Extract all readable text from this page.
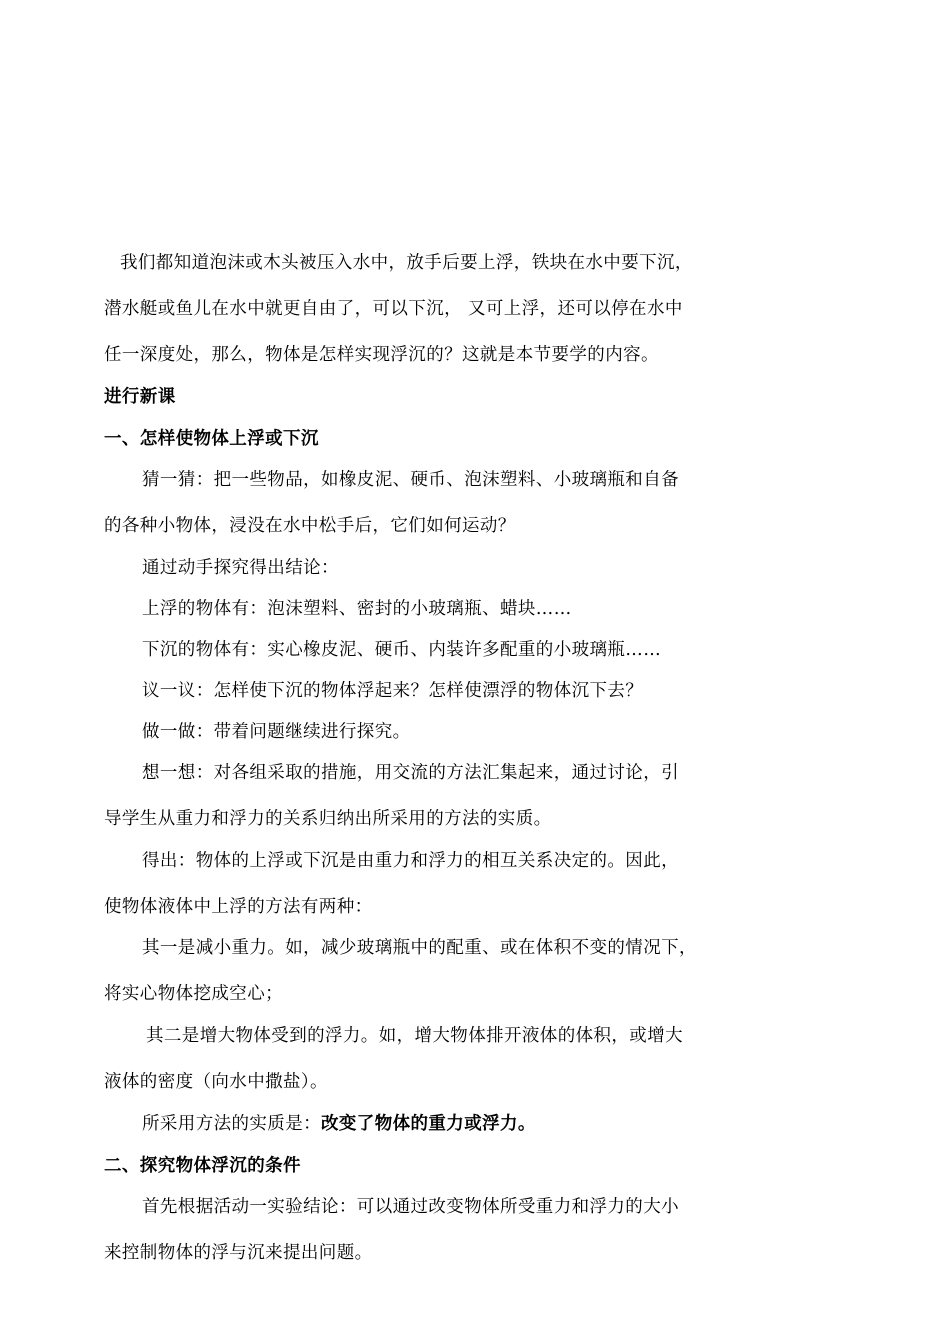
我们都知道泡沫或木头被压入水中，放手后要上浮，铁块在水中要下沉，
潜水艇或鱼儿在水中就更自由了，可以下沉， 又可上浮，还可以停在水中
任一深度处，那么，物体是怎样实现浮沉的？这就是本节要学的内容。
进行新课
一、怎样使物体上浮或下沉
猜一猜：把一些物品，如橡皮泥、硬币、泡沫塑料、小玻璃瓶和自备
的各种小物体，浸没在水中松手后，它们如何运动？
通过动手探究得出结论：
上浮的物体有：泡沫塑料、密封的小玻璃瓶、蜡块……
下沉的物体有：实心橡皮泥、硬币、内装许多配重的小玻璃瓶……
议一议：怎样使下沉的物体浮起来？怎样使漂浮的物体沉下去？
做一做：带着问题继续进行探究。
想一想：对各组采取的措施，用交流的方法汇集起来，通过讨论，引
导学生从重力和浮力的关系归纳出所采用的方法的实质。
得出：物体的上浮或下沉是由重力和浮力的相互关系决定的。因此，
使物体液体中上浮的方法有两种：
其一是减小重力。如，减少玻璃瓶中的配重、或在体积不变的情况下，
将实心物体挖成空心；
其二是增大物体受到的浮力。如，增大物体排开液体的体积，或增大
液体的密度（向水中撒盐）。
所采用方法的实质是：改变了物体的重力或浮力。
二、探究物体浮沉的条件
首先根据活动一实验结论：可以通过改变物体所受重力和浮力的大小
来控制物体的浮与沉来提出问题。
